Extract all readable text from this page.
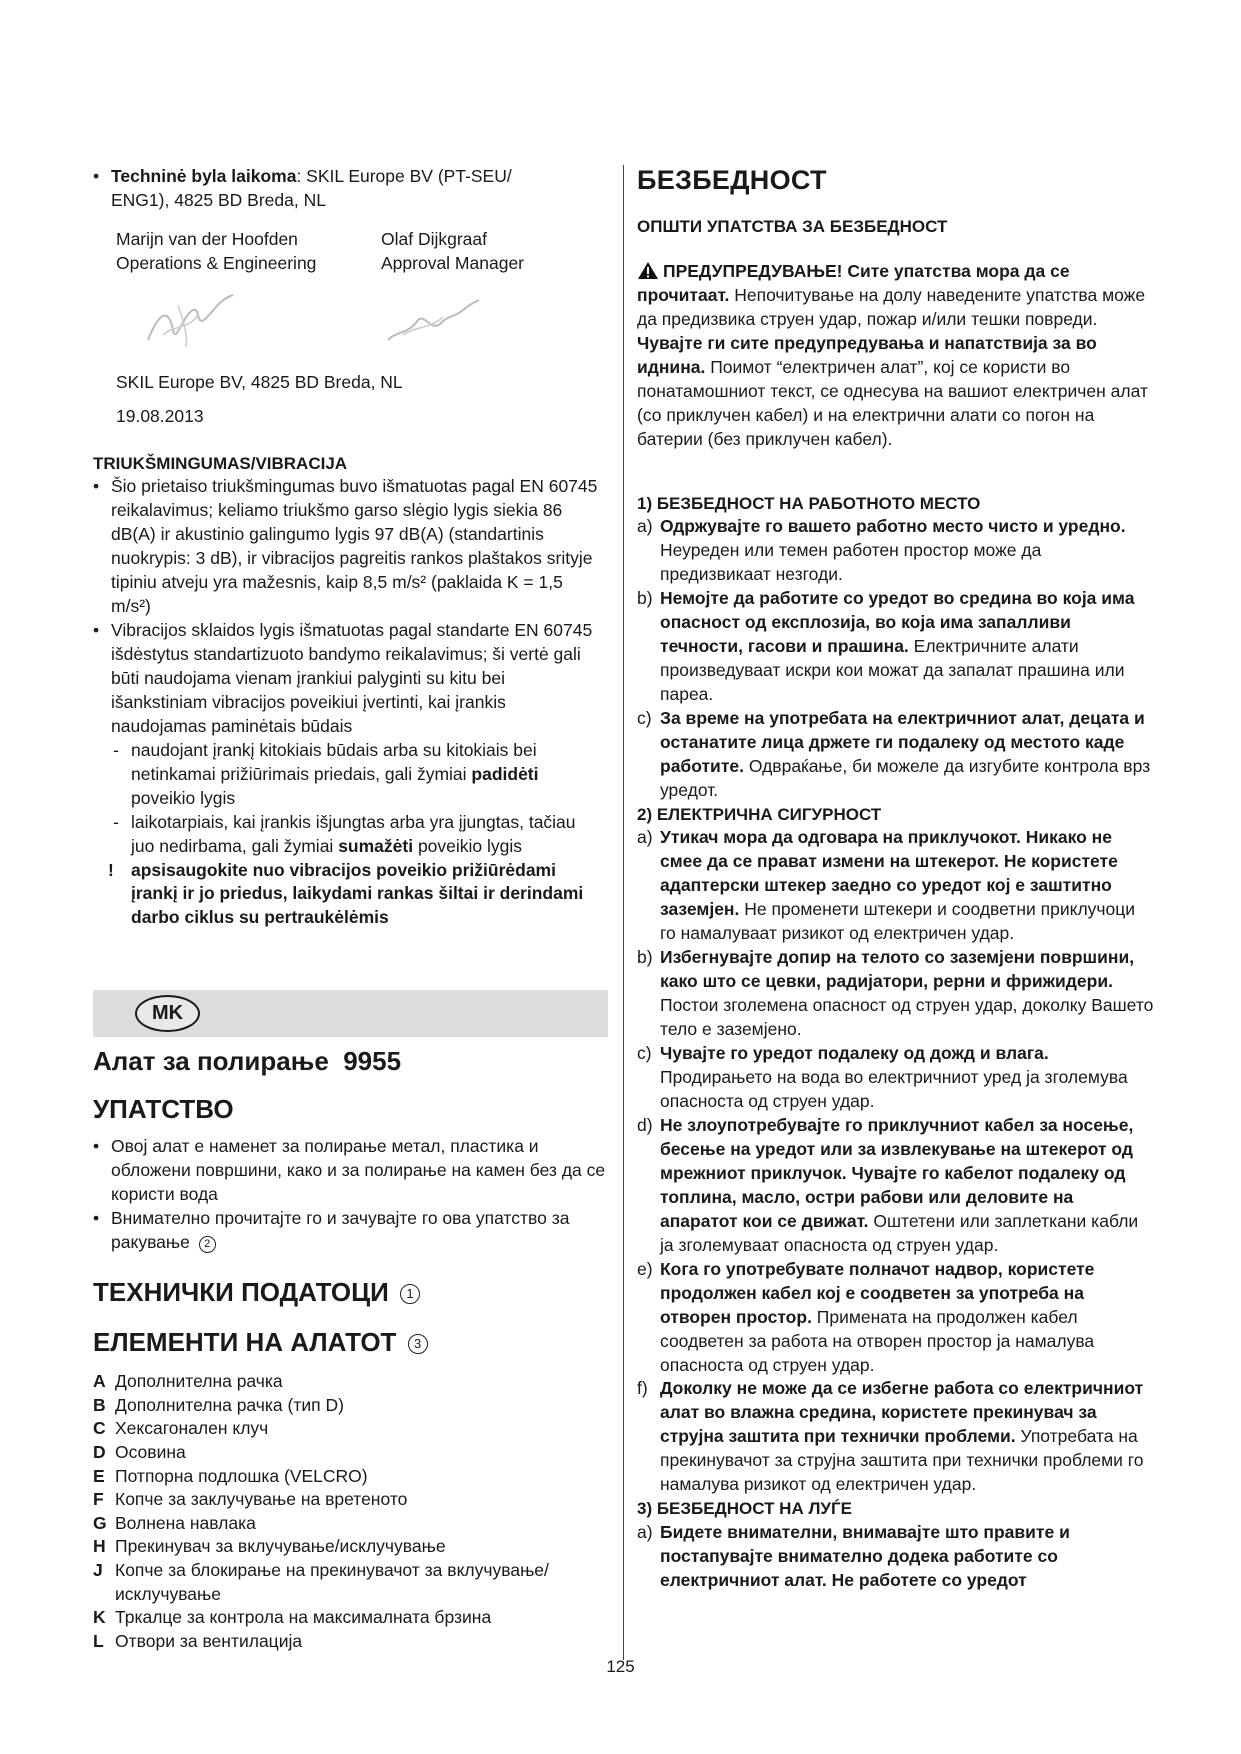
• Techninė byla laikoma: SKIL Europe BV (PT-SEU/ ENG1), 4825 BD Breda, NL
Marijn van der Hoofden
Operations & Engineering
Olaf Dijkgraaf
Approval Manager
SKIL Europe BV, 4825 BD Breda, NL
19.08.2013
TRIUKŠMINGUMAS/VIBRACIJA
• Šio prietaiso triukšmingumas buvo išmatuotas pagal EN 60745 reikalavimus; keliamo triukšmo garso slėgio lygis siekia 86 dB(A) ir akustinio galingumo lygis 97 dB(A) (standartinis nuokrypis: 3 dB), ir vibracijos pagreitis rankos plaštakos srityje tipiniu atveju yra mažesnis, kaip 8,5 m/s² (paklaida K = 1,5 m/s²)
• Vibracijos sklaidos lygis išmatuotas pagal standarte EN 60745 išdėstytus standartizuoto bandymo reikalavimus; ši vertė gali būti naudojama vienam įrankiui palyginti su kitu bei išankstiniam vibracijos poveikiui įvertinti, kai įrankis naudojamas paminėtais būdais
- naudojant įrankį kitokiais būdais arba su kitokiais bei netinkamai prižiūrimais priedais, gali žymiai padidėti poveikio lygis
- laikotarpiais, kai įrankis išjungtas arba yra įjungtas, tačiau juo nedirbama, gali žymiai sumažėti poveikio lygis
! apsisaugokite nuo vibracijos poveikio prižiūrėdami įrankį ir jo priedus, laikydami rankas šiltai ir derindami darbo ciklus su pertraukėlėmis
MK
Алат за полирање  9955
УПАТСТВО
• Овој алат е наменет за полирање метал, пластика и обложени површини, како и за полирање на камен без да се користи вода
• Внимателно прочитајте го и зачувајте го ова упатство за ракување 2
ТЕХНИЧКИ ПОДАТОЦИ 1
ЕЛЕМЕНТИ НА АЛАТОТ 3
A Дополнителна рачка
B Дополнителна рачка (тип D)
C Хексагонален клуч
D Осовина
E Потпорна подлошка (VELCRO)
F Копче за заклучување на вретеното
G Волнена навлака
H Прекинувач за вклучување/исклучување
J Копче за блокирање на прекинувачот за вклучување/ исклучување
K Тркалце за контрола на максималната брзина
L Отвори за вентилација
БЕЗБЕДНОСТ
ОПШТИ УПАТСТВА ЗА БЕЗБЕДНОСТ
ПРЕДУПРЕДУВАЊЕ! Сите упатства мора да се прочитаат. Непочитување на долу наведените упатства може да предизвика струен удар, пожар и/или тешки повреди. Чувајте ги сите предупредувања и напатствија за во иднина. Поимот “електричен алат”, кој се користи во понатамошниот текст, се однесува на вашиот електричен алат (со приклучен кабел) и на електрични алати со погон на батерии (без приклучен кабел).
1) БЕЗБЕДНОСТ НА РАБОТНОТО МЕСТО
a) Одржувајте го вашето работно место чисто и уредно. Неуреден или темен работен простор може да предизвикаат незгоди.
b) Немојте да работите со уредот во средина во која има опасност од експлозија, во која има запалливи течности, гасови и прашина. Електричните алати произведуваат искри кои можат да запалат прашина или пареа.
c) За време на употребата на електричниот алат, децата и останатите лица држете ги подалеку од местото каде работите. Одвраќање, би можеле да изгубите контрола врз уредот.
2) ЕЛЕКТРИЧНА СИГУРНОСТ
a) Утикач мора да одговара на приклучокот. Никако не смее да се прават измени на штекерот. Не користете адаптерски штекер заедно со уредот кој е заштитно заземјен. Не променети штекери и соодветни приклучоци го намалуваат ризикот од електричен удар.
b) Избегнувајте допир на телото со заземјени површини, како што се цевки, радијатори, рерни и фрижидери. Постои зголемена опасност од струен удар, доколку Вашето тело е заземјено.
c) Чувајте го уредот подалеку од дожд и влага. Продирањето на вода во електричниот уред ја зголемува опасноста од струен удар.
d) Не злоупотребувајте го приклучниот кабел за носење, бесење на уредот или за извлекување на штекерот од мрежниот приклучок. Чувајте го кабелот подалеку од топлина, масло, остри рабови или деловите на апаратот кои се движат. Оштетени или заплеткани кабли ја зголемуваат опасноста од струен удар.
e) Кога го употребувате полначот надвор, користете продолжен кабел кој е соодветен за употреба на отворен простор. Примената на продолжен кабел соодветен за работа на отворен простор ја намалува опасноста од струен удар.
f) Доколку не може да се избегне работа со електричниот алат во влажна средина, користете прекинувач за струјна заштита при технички проблеми. Употребата на прекинувачот за струјна заштита при технички проблеми го намалува ризикот од електричен удар.
3) БЕЗБЕДНОСТ НА ЛУЃЕ
a) Бидете внимателни, внимавајте што правите и постапувајте внимателно додека работите со електричниот алат. Не работете со уредот
125
